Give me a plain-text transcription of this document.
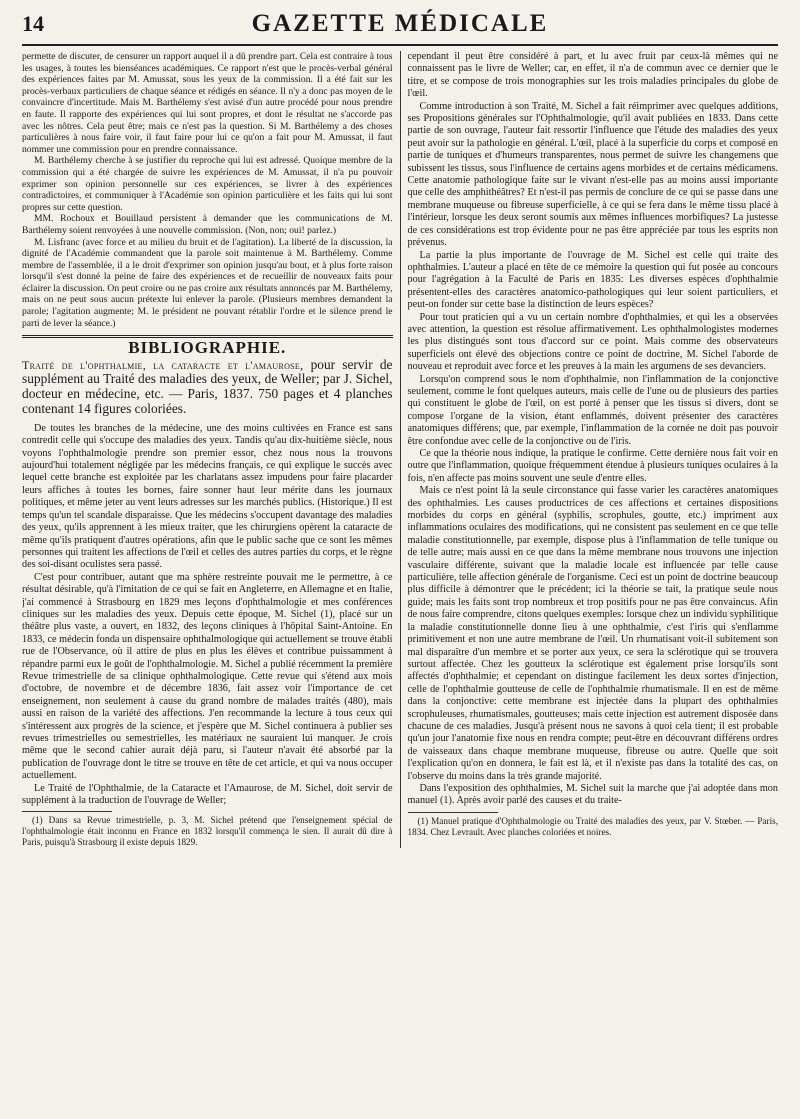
14	GAZETTE MÉDICALE

permette de discuter, de censurer un rapport auquel il a dû prendre part. Cela est contraire à tous les usages, à toutes les bienséances académiques. Ce rapport n'est que le procès-verbal général des expériences faites par M. Amussat, sous les yeux de la commission. Il a été fait sur les procès-verbaux particuliers de chaque séance et rédigés en séance. Il n'y a donc pas moyen de le convaincre d'incertitude. Mais M. Barthélemy s'est avisé d'un autre procédé pour nous prendre en faute. Il rapporte des expériences qui lui sont propres, et dont le résultat ne s'accorde pas avec les nôtres. Cela peut être; mais ce n'est pas la question. Si M. Barthélemy a des choses particulières à nous faire voir, il faut faire pour lui ce qu'on a fait pour M. Amussat, il faut nommer une commission pour en prendre connaissance.

M. Barthélemy cherche à se justifier du reproche qui lui est adressé. Quoique membre de la commission qui a été chargée de suivre les expériences de M. Amussat, il n'a pu pouvoir exprimer son opinion personnelle sur ces expériences, se livrer à des expériences contradictoires, et communiquer à l'Académie son opinion particulière et les faits qui lui sont propres sur cette question.

MM. Rochoux et Bouillaud persistent à demander que les communications de M. Barthélemy soient renvoyées à une nouvelle commission. (Non, non; oui! parlez.)

M. Lisfranc (avec force et au milieu du bruit et de l'agitation). La liberté de la discussion, la dignité de l'Académie commandent que la parole soit maintenue à M. Barthélemy. Comme membre de l'assemblée, il a le droit d'exprimer son opinion jusqu'au bout, et à plus forte raison lorsqu'il s'est donné la peine de faire des expériences et de recueillir de nouveaux faits pour éclairer la discussion. On peut croire ou ne pas croire aux résultats annoncés par M. Barthélemy, mais on ne peut sous aucun prétexte lui enlever la parole. (Plusieurs membres demandent la parole; l'agitation augmente; M. le président ne pouvant rétablir l'ordre et le silence prend le parti de lever la séance.)

BIBLIOGRAPHIE.

Traité de l'ophthalmie, la cataracte et l'amaurose, pour servir de supplément au Traité des maladies des yeux, de Weller; par J. Sichel, docteur en médecine, etc. — Paris, 1837. 750 pages et 4 planches contenant 14 figures coloriées.

De toutes les branches de la médecine, une des moins cultivées en France est sans contredit celle qui s'occupe des maladies des yeux. Tandis qu'au dix-huitième siècle, nous voyons l'ophthalmologie prendre son premier essor, chez nous nous la trouvons aujourd'hui totalement négligée par les médecins français, ce qui explique le succès avec lequel cette branche est exploitée par les charlatans assez impudens pour faire placarder leurs affiches à toutes les bornes, faire sonner haut leur mérite dans les journaux politiques, et même jeter au vent leurs adresses sur les marchés publics. (Historique.) Il est temps qu'un tel scandale disparaisse. Que les médecins s'occupent davantage des maladies des yeux, qu'ils apprennent à les mieux traiter, que les chirurgiens opèrent la cataracte de même qu'ils pratiquent d'autres opérations, afin que le public sache que ce sont les mêmes personnes qui traitent les affections de l'œil et celles des autres parties du corps, et le règne des soi-disant oculistes sera passé.

C'est pour contribuer, autant que ma sphère restreinte pouvait me le permettre, à ce résultat désirable, qu'à l'imitation de ce qui se fait en Angleterre, en Allemagne et en Italie, j'ai commencé à Strasbourg en 1829 mes leçons d'ophthalmologie et mes conférences cliniques sur les maladies des yeux. Depuis cette époque, M. Sichel (1), placé sur un théâtre plus vaste, a ouvert, en 1832, des leçons cliniques à l'hôpital Saint-Antoine. En 1833, ce médecin fonda un dispensaire ophthalmologique qui actuellement se trouve établi rue de l'Observance, où il attire de plus en plus les élèves et contribue puissamment à répandre parmi eux le goût de l'ophthalmologie. M. Sichel a publié récemment la première Revue trimestrielle de sa clinique ophthalmologique. Cette revue qui s'étend aux mois d'octobre, de novembre et de décembre 1836, fait assez voir l'importance de cet enseignement, non seulement à cause du grand nombre de malades traités (480), mais aussi en raison de la variété des affections. J'en recommande la lecture à tous ceux qui s'intéressent aux progrès de la science, et j'espère que M. Sichel continuera à publier ses revues trimestrielles ou semestrielles, les matériaux ne sauraient lui manquer. Je crois même que le second cahier aurait déjà paru, si l'auteur n'avait été absorbé par la publication de l'ouvrage dont le titre se trouve en tête de cet article, et qui va nous occuper actuellement.

Le Traité de l'Ophthalmie, de la Cataracte et l'Amaurose, de M. Sichel, doit servir de supplément à la traduction de l'ouvrage de Weller;

(1) Dans sa Revue trimestrielle, p. 3, M. Sichel prétend que l'enseignement spécial de l'ophthalmologie était inconnu en France en 1832 lorsqu'il commença le sien. Il aurait dû dire à Paris, puisqu'à Strasbourg il existe depuis 1829.

cependant il peut être considéré à part, et lu avec fruit par ceux-là mêmes qui ne connaissent pas le livre de Weller; car, en effet, il n'a de commun avec ce dernier que le titre, et se compose de trois monographies sur les trois maladies principales du globe de l'œil.

Comme introduction à son Traité, M. Sichel a fait réimprimer avec quelques additions, ses Propositions générales sur l'Ophthalmologie, qu'il avait publiées en 1833. Dans cette partie de son ouvrage, l'auteur fait ressortir l'influence que l'étude des maladies des yeux peut avoir sur la pathologie en général. L'œil, placé à la superficie du corps et composé en partie de tuniques et d'humeurs transparentes, nous permet de suivre les changemens que subissent les tissus, sous l'influence de certains agens morbides et de certains médicamens. Cette anatomie pathologique faite sur le vivant n'est-elle pas au moins aussi importante que celle des amphithéâtres? Et n'est-il pas permis de conclure de ce qui se passe dans une membrane muqueuse ou fibreuse superficielle, à ce qui se fera dans le même tissu placé à l'intérieur, lorsque les deux seront soumis aux mêmes influences morbifiques? La justesse de ces considérations est trop évidente pour ne pas être appréciée par tous les esprits non prévenus.

La partie la plus importante de l'ouvrage de M. Sichel est celle qui traite des ophthalmies. L'auteur a placé en tête de ce mémoire la question qui fut posée au concours pour l'agrégation à la Faculté de Paris en 1835: Les diverses espèces d'ophthalmie présentent-elles des caractères anatomico-pathologiques qui leur soient particuliers, et peut-on fonder sur cette base la distinction de leurs espèces?

Pour tout praticien qui a vu un certain nombre d'ophthalmies, et qui les a observées avec attention, la question est résolue affirmativement. Les ophthalmologistes modernes les plus distingués sont tous d'accord sur ce point. Mais comme des observateurs superficiels ont élevé des objections contre ce point de doctrine, M. Sichel l'aborde de nouveau et reproduit avec force et les preuves à la main les argumens de ses devanciers.

Lorsqu'on comprend sous le nom d'ophthalmie, non l'inflammation de la conjonctive seulement, comme le font quelques auteurs, mais celle de l'une ou de plusieurs des parties qui constituent le globe de l'œil, on est porté à penser que les tissus si divers, dont se compose l'organe de la vision, étant enflammés, doivent présenter des caractères anatomiques différens; que, par exemple, l'inflammation de la cornée ne doit pas pouvoir être confondue avec celle de la conjonctive ou de l'iris.

Ce que la théorie nous indique, la pratique le confirme. Cette dernière nous fait voir en outre que l'inflammation, quoique fréquemment étendue à plusieurs tuniques oculaires à la fois, n'en affecte pas moins souvent une seule d'entre elles.

Mais ce n'est point là la seule circonstance qui fasse varier les caractères anatomiques des ophthalmies. Les causes productrices de ces affections et certaines dispositions morbides du corps en général (syphilis, scrophules, goutte, etc.) impriment aux inflammations oculaires des modifications, qui ne consistent pas seulement en ce que telle maladie constitutionnelle, par exemple, dispose plus à l'inflammation de telle tunique ou de telle autre; mais aussi en ce que dans la même membrane nous trouvons une injection vasculaire différente, suivant que la maladie locale est influencée par telle cause particulière, telle affection générale de l'organisme. Ceci est un point de doctrine beaucoup plus difficile à démontrer que le précédent; ici la théorie se tait, la pratique seule nous guide; mais les faits sont trop nombreux et trop positifs pour ne pas être convaincus. Afin de nous faire comprendre, citons quelques exemples: lorsque chez un individu syphilitique la maladie constitutionnelle donne lieu à une ophthalmie, c'est l'iris qui s'enflamme primitivement et non une autre membrane de l'œil. Un rhumatisant voit-il subitement son mal disparaître d'un membre et se porter aux yeux, ce sera la sclérotique qui se trouvera surtout affectée. Chez les goutteux la sclérotique est également prise lorsqu'ils sont affectés d'ophthalmie; et cependant on distingue facilement les deux sortes d'injection, celle de l'ophthalmie goutteuse de celle de l'ophthalmie rhumatismale. Il en est de même dans la conjonctive: cette membrane est injectée dans la plupart des ophthalmies scrophuleuses, rhumatismales, goutteuses; mais cette injection est autrement disposée dans chacune de ces maladies. Jusqu'à présent nous ne savons à quoi cela tient; il est probable qu'un jour l'anatomie fixe nous en rendra compte; peut-être en découvrant différens ordres de vaisseaux dans chaque membrane muqueuse, fibreuse ou autre. Quelle que soit l'explication qu'on en donnera, le fait est là, et il n'existe pas dans la totalité des cas, on l'observe du moins dans la très grande majorité.

Dans l'exposition des ophthalmies, M. Sichel suit la marche que j'ai adoptée dans mon manuel (1). Après avoir parlé des causes et du traite-

(1) Manuel pratique d'Ophthalmologie ou Traité des maladies des yeux, par V. Stœber. — Paris, 1834. Chez Levrault. Avec planches coloriées et noires.
